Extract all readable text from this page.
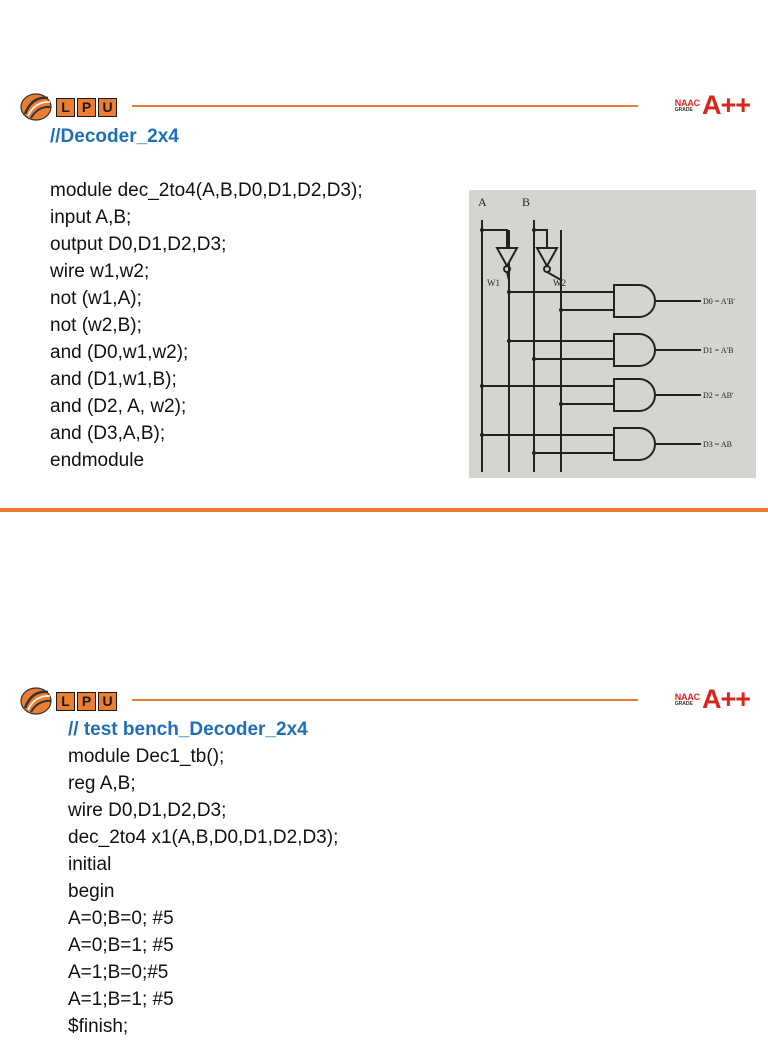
L P U	NAAC
GRADE A++
//Decoder_2x4

module dec_2to4(A,B,D0,D1,D2,D3);
input A,B;
output D0,D1,D2,D3;
wire w1,w2;
not (w1,A);
not (w2,B);
and (D0,w1,w2);
and (D1,w1,B);
and (D2, A, w2);
and (D3,A,B);
endmodule
A	B
W1	W2
D0 = A'B'
D1 = A'B
D2 = AB'
D3 = AB
L P U	NAAC
GRADE A++
// test bench_Decoder_2x4
module Dec1_tb();
reg A,B;
wire D0,D1,D2,D3;
dec_2to4 x1(A,B,D0,D1,D2,D3);
initial
begin
A=0;B=0; #5
A=0;B=1; #5
A=1;B=0;#5
A=1;B=1; #5
$finish;
